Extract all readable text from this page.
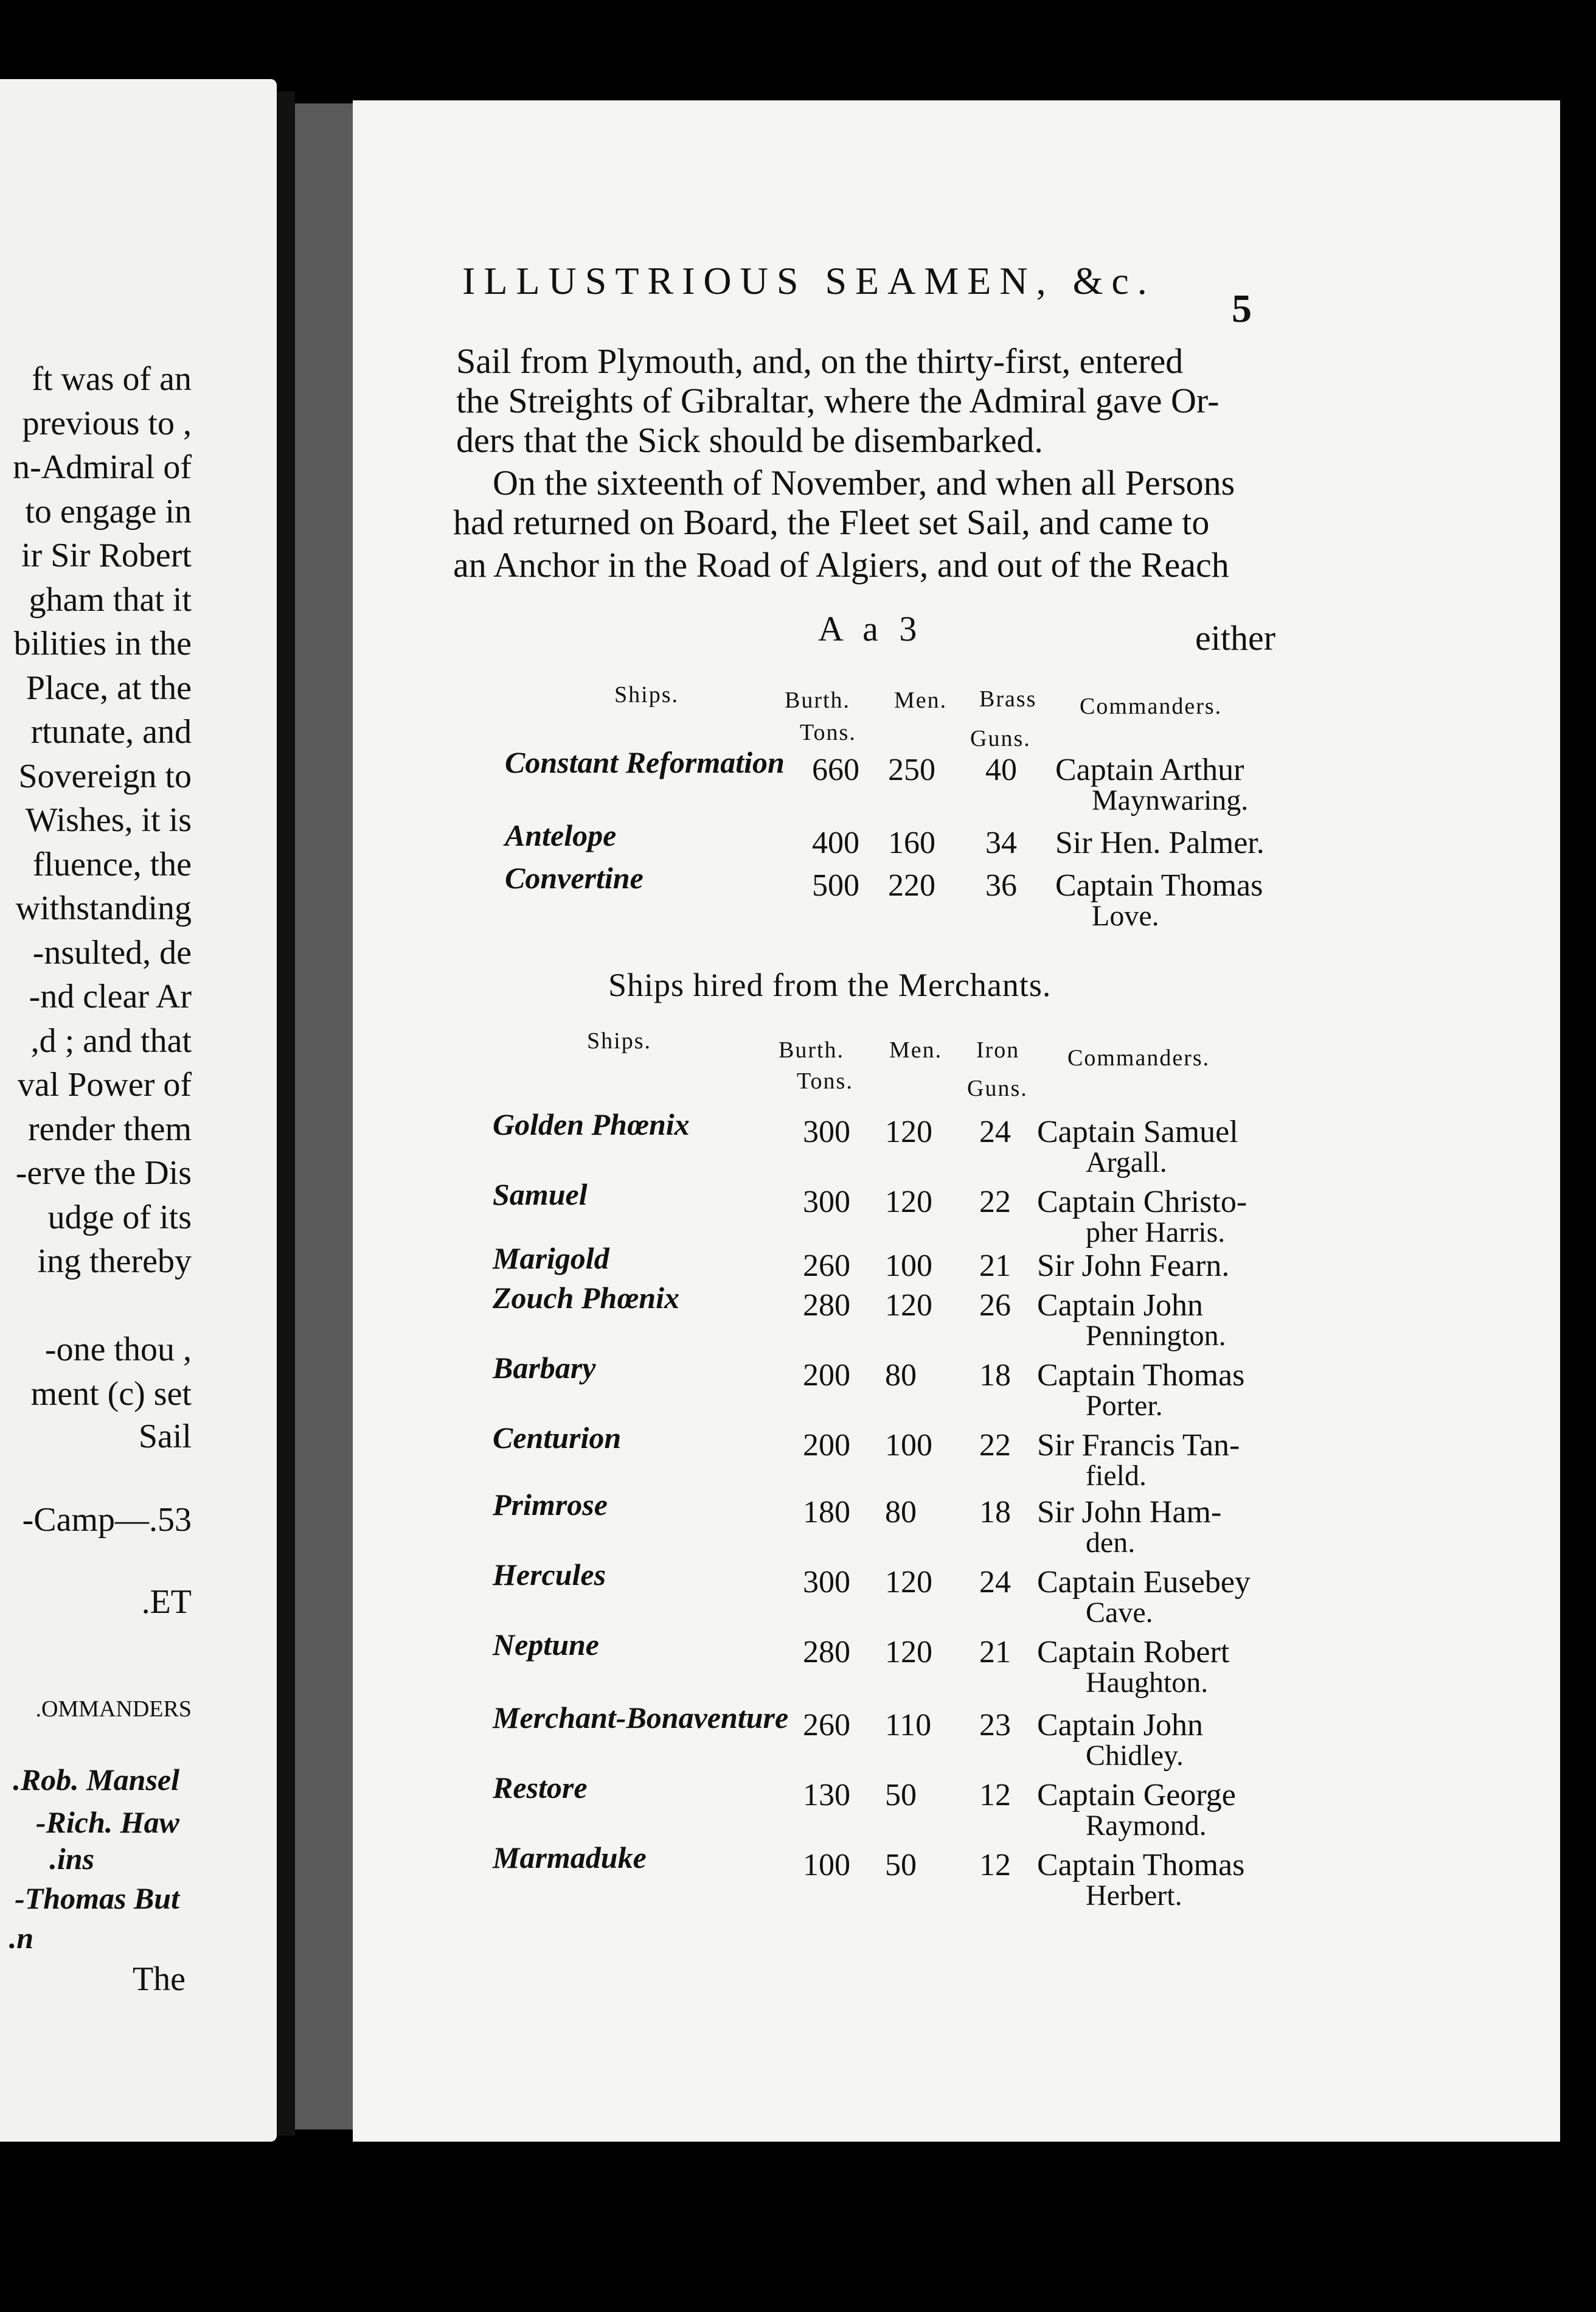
ft was of an
, previous to
n-Admiral of
to engage in
ir Sir Robert
gham that it
bilities in the
Place, at the
rtunate, and
Sovereign to
Wishes, it is
fluence, the
withstanding
nsulted, de-
nd clear Ar-
d ; and that,
val Power of
render them
erve the Dis-
udge of its
ing thereby
, one thou-
ment (c) set
Sail
53.—Camp-
ET.
OMMANDERS.
Rob. Mansel.
Rich. Haw-
ins.
Thomas But-
n.
The
ILLUSTRIOUS SEAMEN, &c.
5
Sail from Plymouth, and, on the thirty-first, entered
the Streights of Gibraltar, where the Admiral gave Or-
ders that the Sick should be disembarked.
On the sixteenth of November, and when all Persons
had returned on Board, the Fleet set Sail, and came to
an Anchor in the Road of Algiers, and out of the Reach
A a 3	either
Ships.	Burth.
Tons.
Men. Brass
Guns.
Commanders.
Constant Reformation 660 250 40 Captain Arthur
Maynwaring.
Antelope	400 160 34 Sir Hen. Palmer.
Convertine	500 220 36 Captain Thomas
Love.
Ships hired from the Merchants.
Ships.	Burth.
Tons.
Men. Iron
Guns.
Commanders.
Golden Phœnix	300 120 24 Captain Samuel
Argall.
Samuel	300 120 22 Captain Christo-
pher Harris.
Marigold	260 100 21 Sir John Fearn.
Zouch Phœnix	280 120 26 Captain John
Pennington.
Barbary	200 80 18 Captain Thomas
Porter.
Centurion	200 100 22 Sir Francis Tan-
field.
Primrose	180 80 18 Sir John Ham-
den.
Hercules	300 120 24 Captain Eusebey
Cave.
Neptune	280 120 21 Captain Robert
Haughton.
Merchant-Bonaventure 260 110 23 Captain John
Chidley.
Restore	130 50 12 Captain George
Raymond.
Marmaduke	100 50 12 Captain Thomas
Herbert.
